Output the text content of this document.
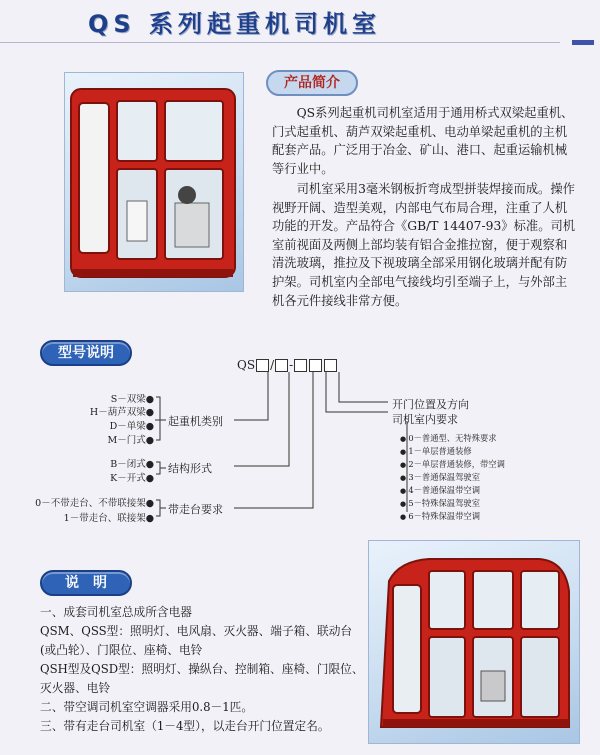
QS 系列起重机司机室
产品简介
QS系列起重机司机室适用于通用桥式双梁起重机、门式起重机、葫芦双梁起重机、电动单梁起重机的主机配套产品。广泛用于冶金、矿山、港口、起重运输机械等行业中。
司机室采用3毫米钢板折弯成型拼装焊接而成。操作视野开阔、造型美观，内部电气布局合理，注重了人机功能的开发。产品符合《GB/T 14407-93》标准。司机室前视面及两侧上部均装有铝合金推拉窗，便于观察和清洗玻璃，推拉及下视玻璃全部采用钢化玻璃并配有防护架。司机室内全部电气接线均引至端子上，与外部主机各元件接线非常方便。
型号说明
QS / -
S－双梁●
H－葫芦双梁●
D－单梁●
M－门式●
起重机类别
B－闭式●
K－开式●
结构形式
0－不带走台、不带联接架●
1－带走台、联接架●
带走台要求
开门位置及方向
司机室内要求
● 0－普通型、无特殊要求
● 1－单层普通装修
● 2－单层普通装修，带空调
● 3－普通保温驾驶室
● 4－普通保温带空调
● 5－特殊保温驾驶室
● 6－特殊保温带空调
说　明
一、成套司机室总成所含电器
QSM、QSS型：照明灯、电风扇、灭火器、端子箱、联动台
(或凸轮）、门限位、座椅、电铃
QSH型及QSD型：照明灯、操纵台、控制箱、座椅、门限位、
灭火器、电铃
二、带空调司机室空调器采用0.8－1匹。
三、带有走台司机室（1－4型），以走台开门位置定名。
